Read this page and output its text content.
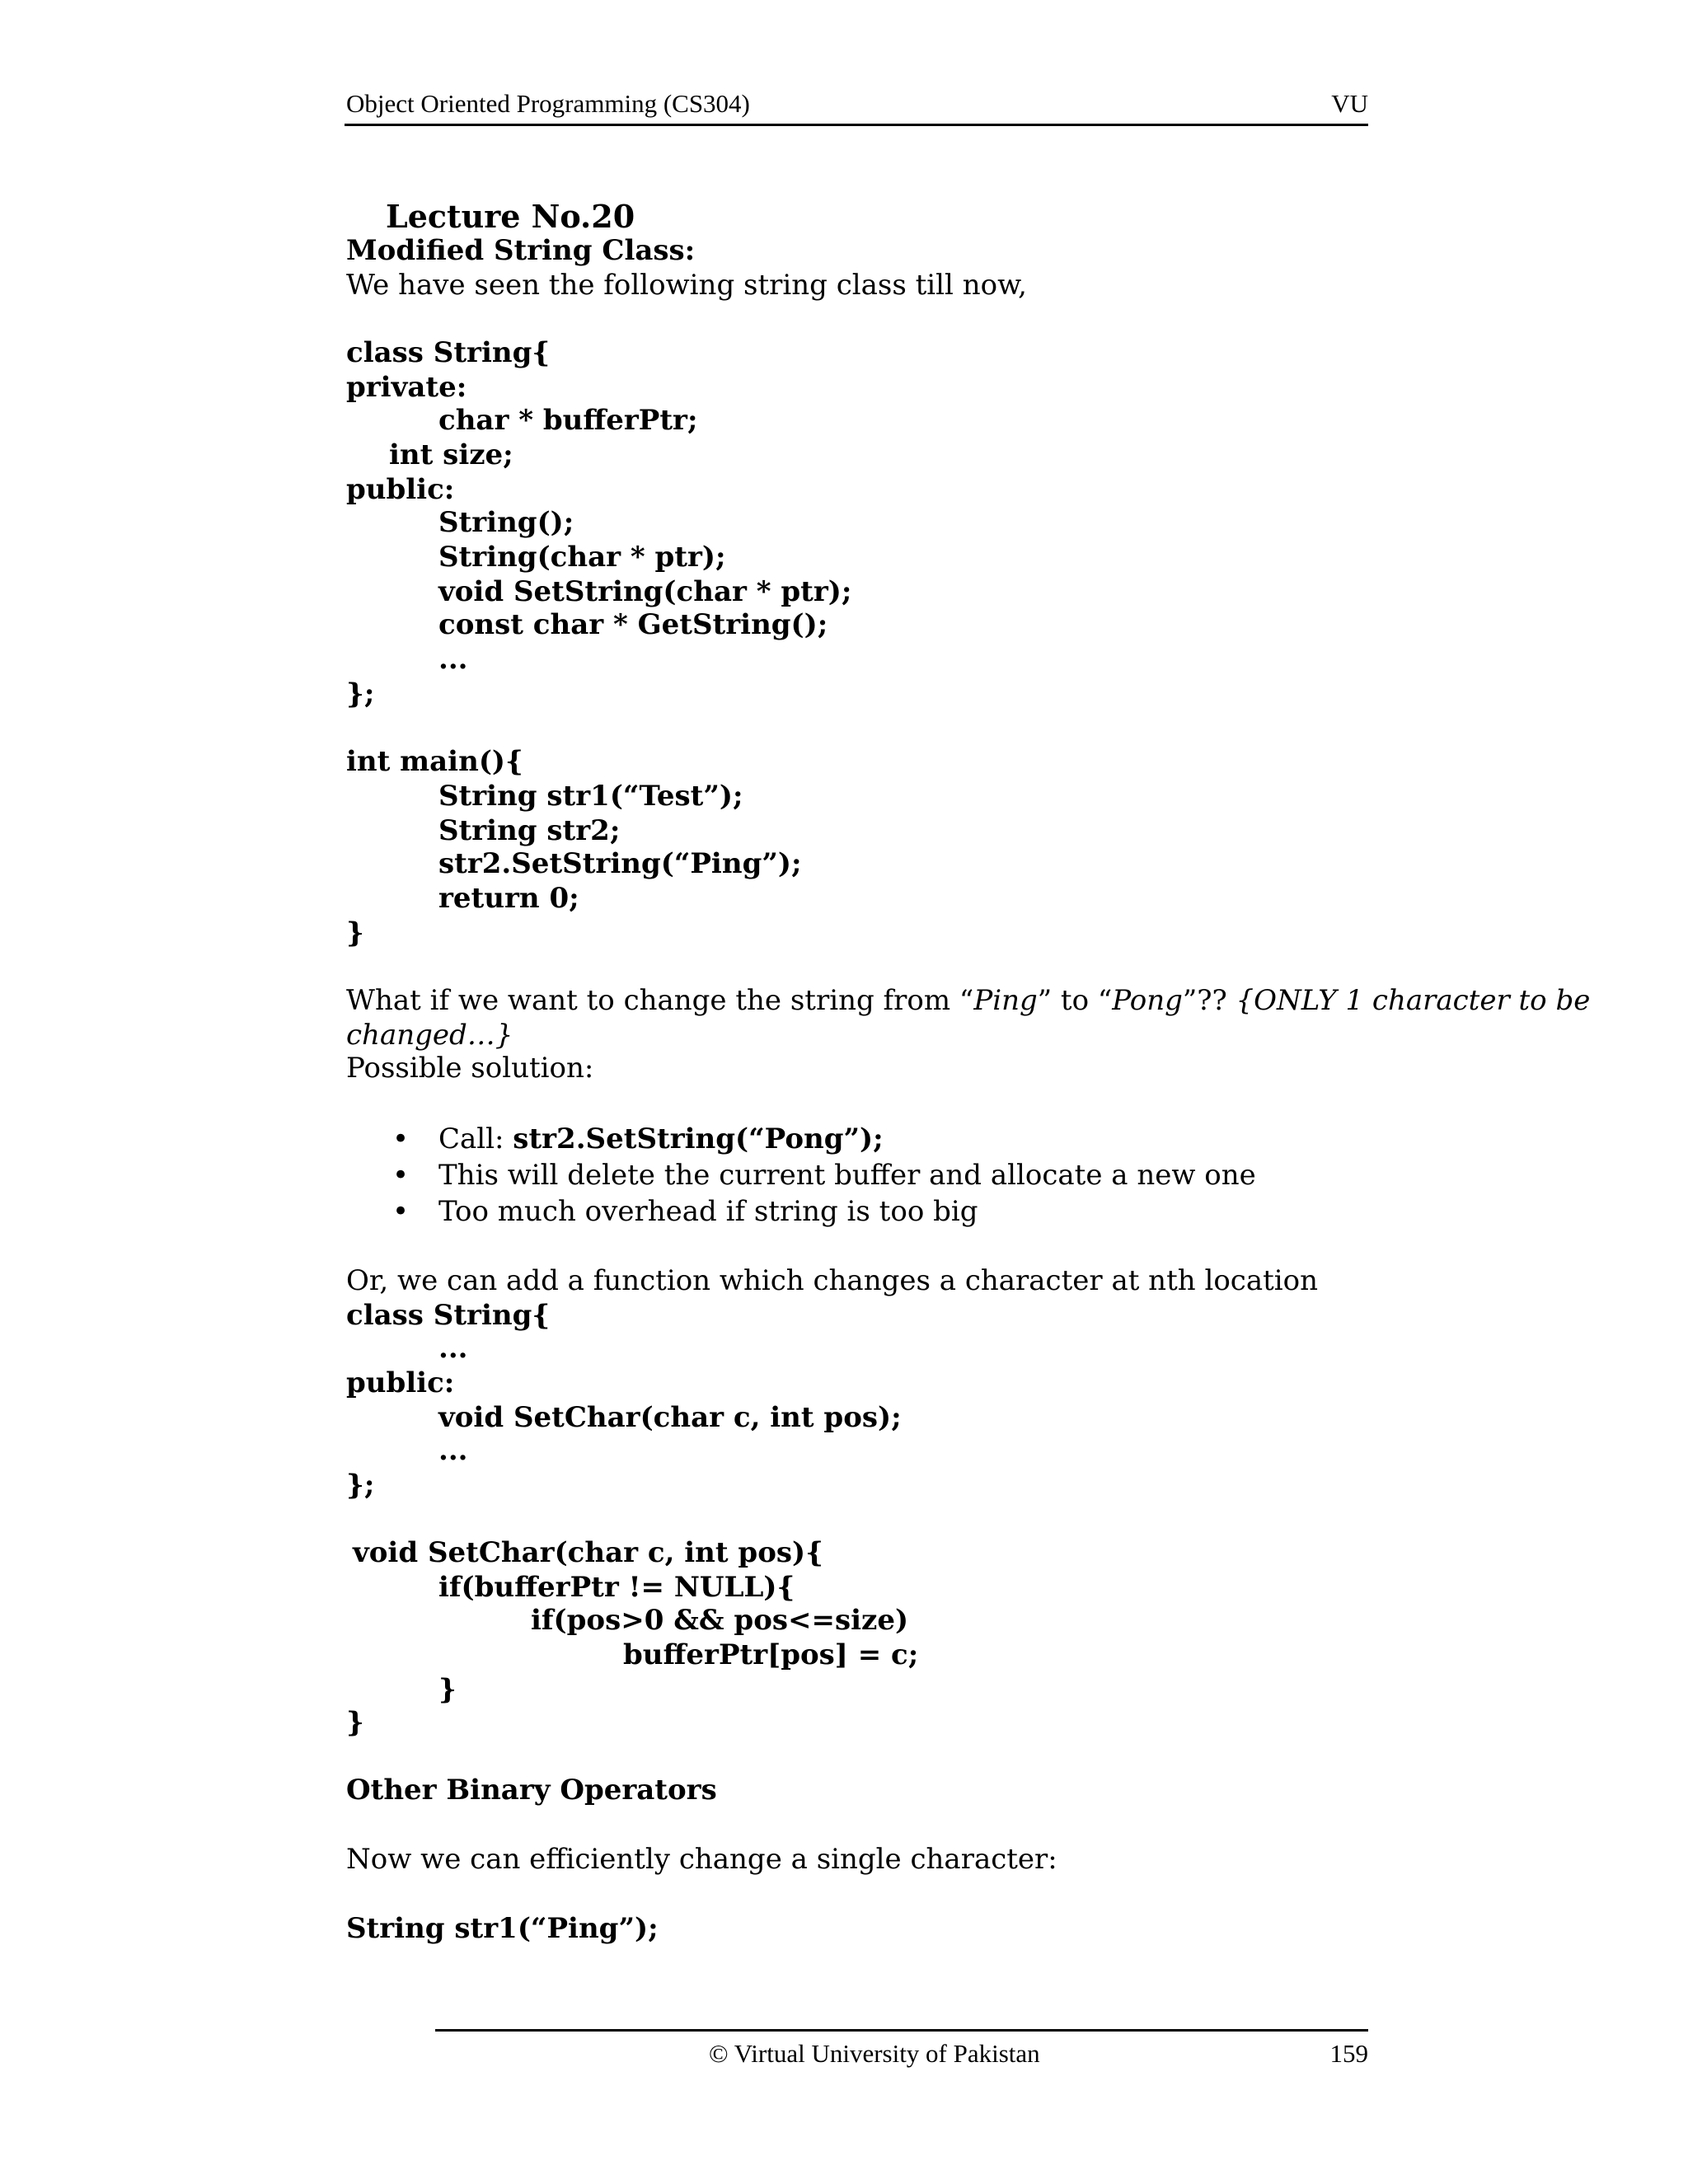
Object Oriented Programming (CS304)	VU
Lecture No.20
Modified String Class:
We have seen the following string class till now,
class String{
private:
char * bufferPtr;
int size;
public:
String();
String(char * ptr);
void SetString(char * ptr);
const char * GetString();
...
};
int main(){
String str1(“Test”);
String str2;
str2.SetString(“Ping”);
return 0;
}
What if we want to change the string from “Ping” to “Pong”?? {ONLY 1 character to be
changed…}
Possible solution:
• Call: str2.SetString(“Pong”);
• This will delete the current buffer and allocate a new one
• Too much overhead if string is too big
Or, we can add a function which changes a character at nth location
class String{
...
public:
void SetChar(char c, int pos);
...
};
void SetChar(char c, int pos){
if(bufferPtr != NULL){
if(pos>0 && pos<=size)
bufferPtr[pos] = c;
}
}
Other Binary Operators
Now we can efficiently change a single character:
String str1(“Ping”);
© Virtual University of Pakistan	159
